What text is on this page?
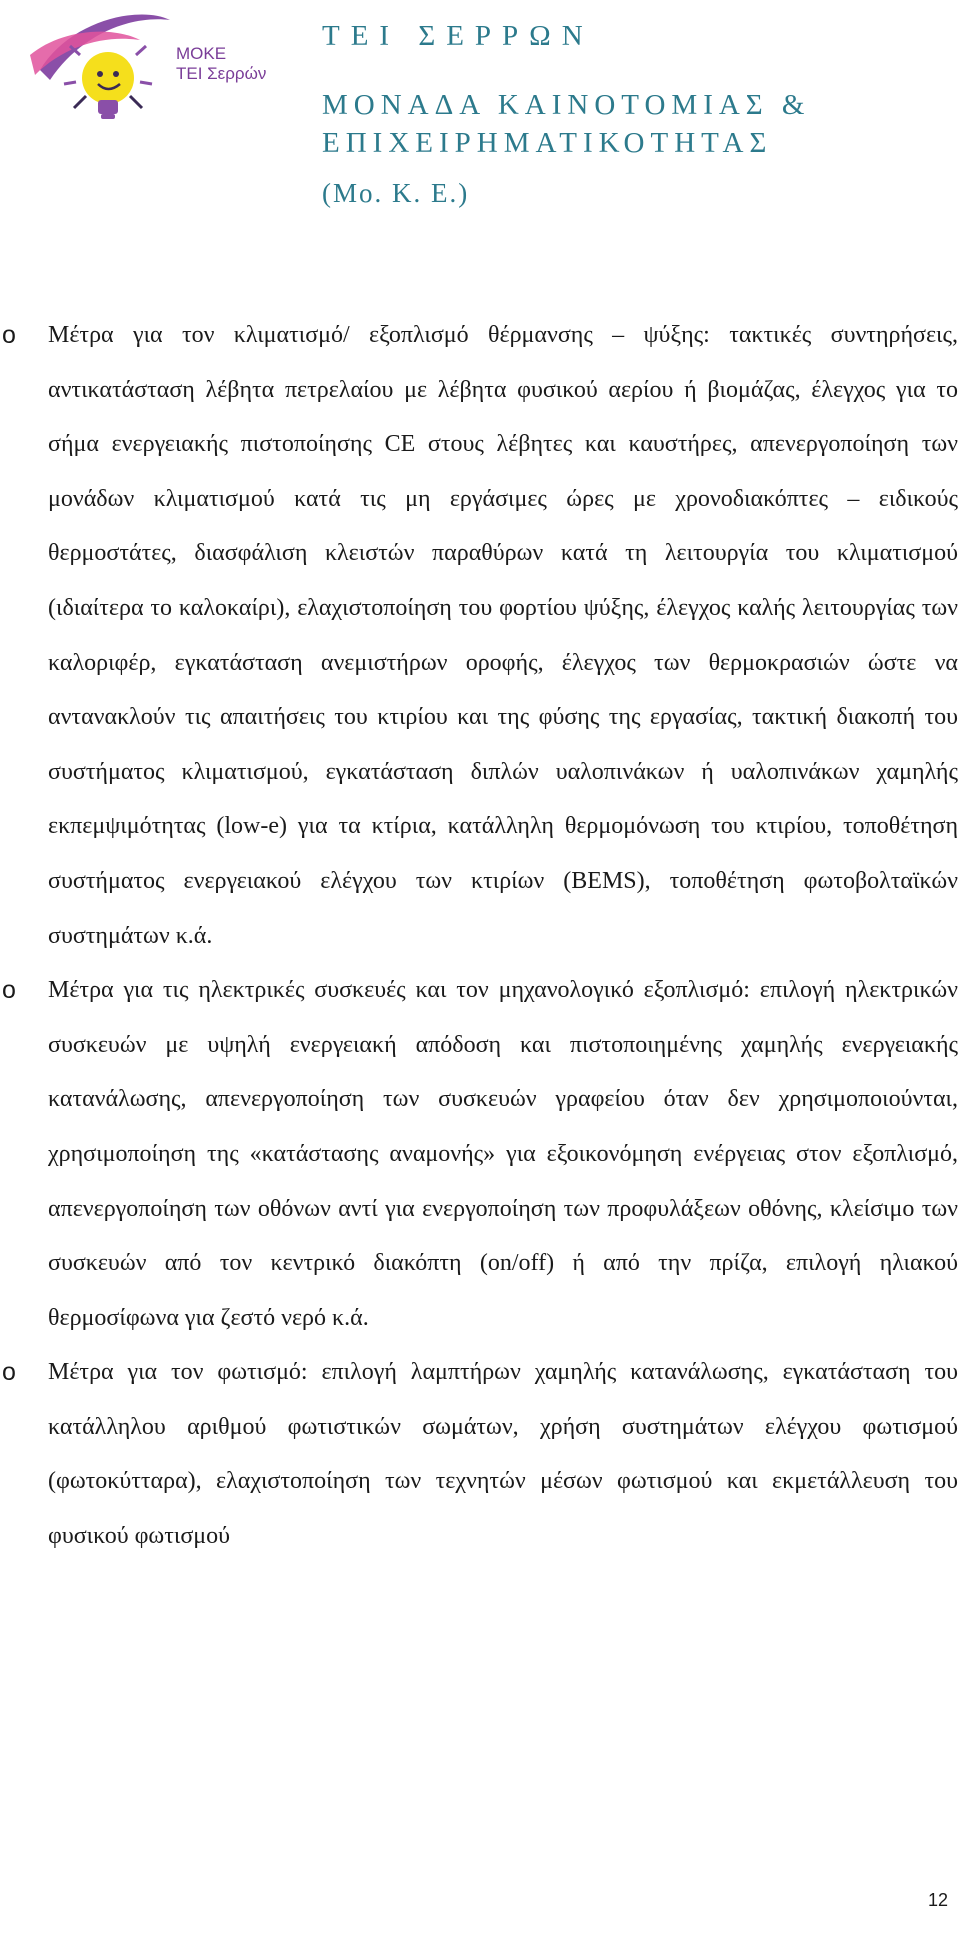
ΜΟΚΕ
ΤΕΙ Σερρών
ΤΕΙ ΣΕΡΡΩΝ
ΜΟΝΑΔΑ ΚΑΙΝΟΤΟΜΙΑΣ &
ΕΠΙΧΕΙΡΗΜΑΤΙΚΟΤΗΤΑΣ
(Μο. Κ. Ε.)
o Μέτρα για τον κλιματισμό/ εξοπλισμό θέρμανσης – ψύξης: τακτικές συντηρήσεις, αντικατάσταση λέβητα πετρελαίου με λέβητα φυσικού αερίου ή βιομάζας, έλεγχος για το σήμα ενεργειακής πιστοποίησης CE στους λέβητες και καυστήρες, απενεργοποίηση των μονάδων κλιματισμού κατά τις μη εργάσιμες ώρες με χρονοδιακόπτες – ειδικούς θερμοστάτες, διασφάλιση κλειστών παραθύρων κατά τη λειτουργία του κλιματισμού (ιδιαίτερα το καλοκαίρι), ελαχιστοποίηση του φορτίου ψύξης, έλεγχος καλής λειτουργίας των καλοριφέρ, εγκατάσταση ανεμιστήρων οροφής, έλεγχος των θερμοκρασιών ώστε να αντανακλούν τις απαιτήσεις του κτιρίου και της φύσης της εργασίας, τακτική διακοπή του συστήματος κλιματισμού, εγκατάσταση διπλών υαλοπινάκων ή υαλοπινάκων χαμηλής εκπεμψιμότητας (low-e) για τα κτίρια, κατάλληλη θερμομόνωση του κτιρίου, τοποθέτηση συστήματος ενεργειακού ελέγχου των κτιρίων (BEMS), τοποθέτηση φωτοβολταϊκών συστημάτων κ.ά.

o Μέτρα για τις ηλεκτρικές συσκευές και τον μηχανολογικό εξοπλισμό: επιλογή ηλεκτρικών συσκευών με υψηλή ενεργειακή απόδοση και πιστοποιημένης χαμηλής ενεργειακής κατανάλωσης, απενεργοποίηση των συσκευών γραφείου όταν δεν χρησιμοποιούνται, χρησιμοποίηση της «κατάστασης αναμονής» για εξοικονόμηση ενέργειας στον εξοπλισμό, απενεργοποίηση των οθόνων αντί για ενεργοποίηση των προφυλάξεων οθόνης, κλείσιμο των συσκευών από τον κεντρικό διακόπτη (on/off) ή από την πρίζα, επιλογή ηλιακού θερμοσίφωνα για ζεστό νερό κ.ά.

o Μέτρα για τον φωτισμό: επιλογή λαμπτήρων χαμηλής κατανάλωσης, εγκατάσταση του κατάλληλου αριθμού φωτιστικών σωμάτων, χρήση συστημάτων ελέγχου φωτισμού (φωτοκύτταρα), ελαχιστοποίηση των τεχνητών μέσων φωτισμού και εκμετάλλευση του φυσικού φωτισμού

12
